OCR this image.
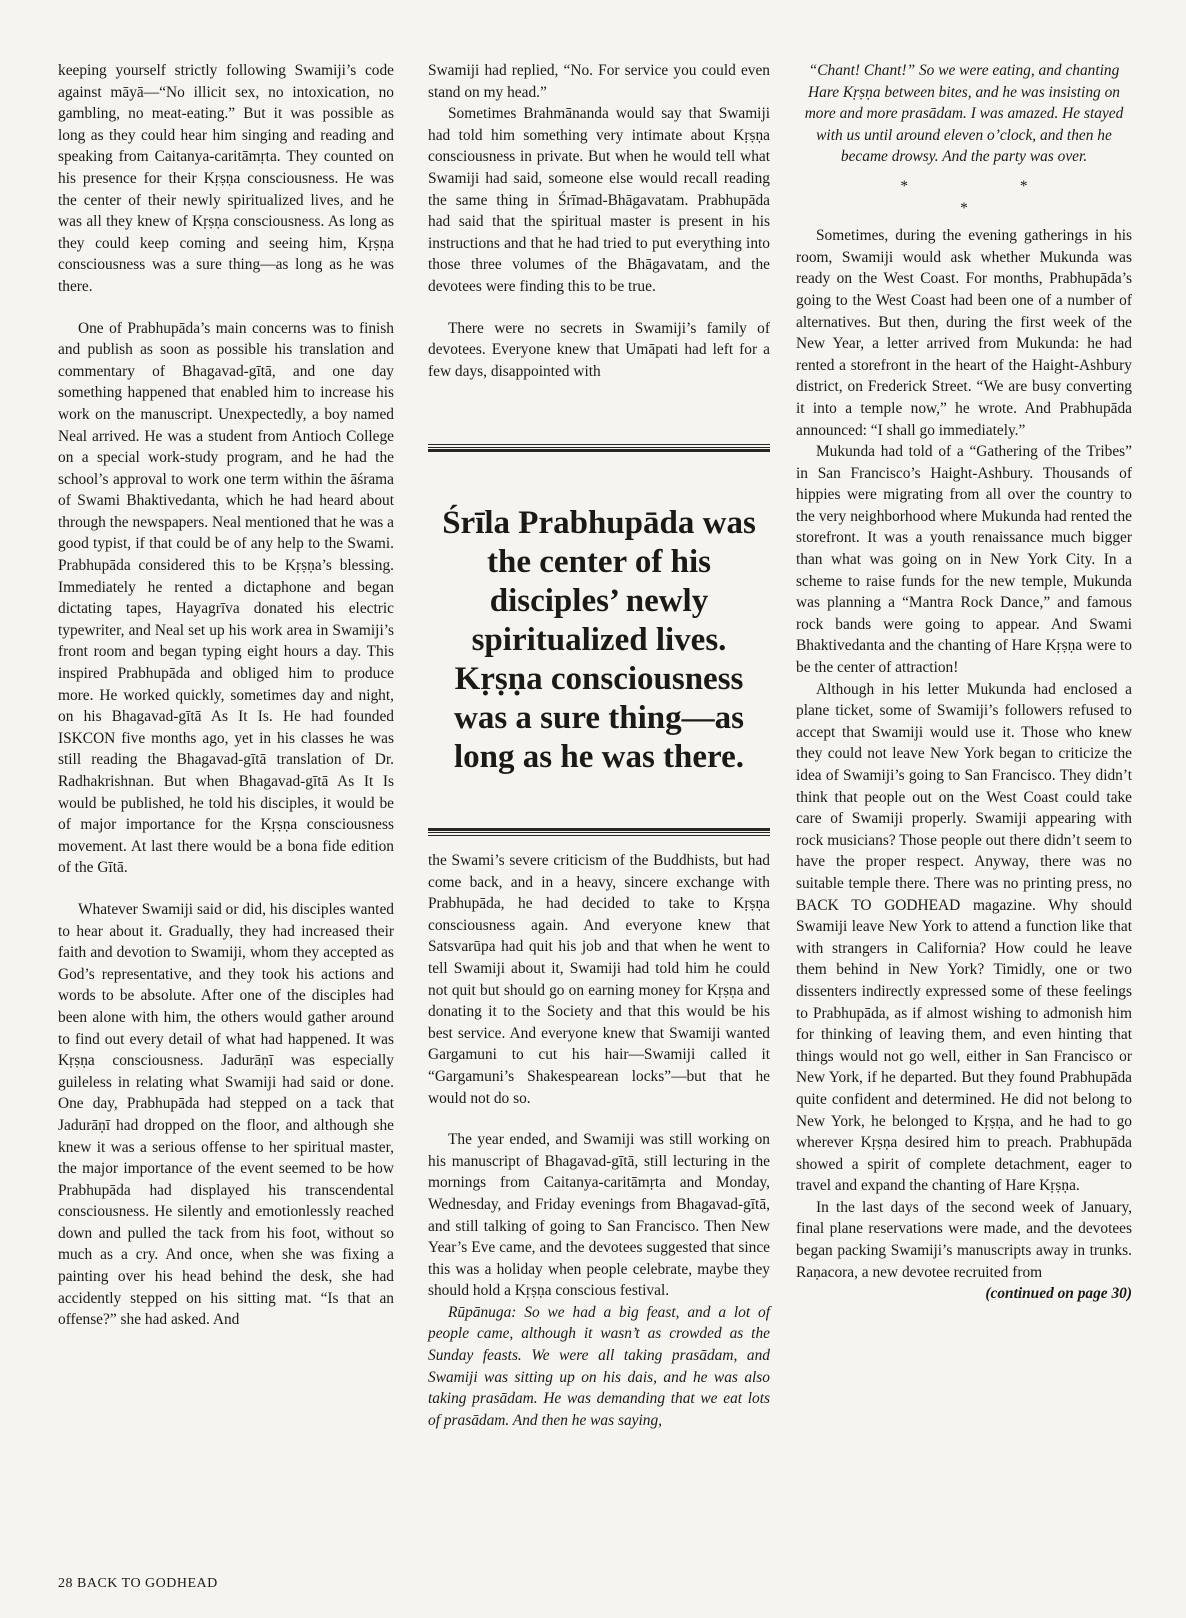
keeping yourself strictly following Swamiji’s code against māyā—“No illicit sex, no intoxication, no gambling, no meat-eating.” But it was possible as long as they could hear him singing and reading and speaking from Caitanya-caritāmṛta. They counted on his presence for their Kṛṣṇa consciousness. He was the center of their newly spiritualized lives, and he was all they knew of Kṛṣṇa consciousness. As long as they could keep coming and seeing him, Kṛṣṇa consciousness was a sure thing—as long as he was there.

One of Prabhupāda’s main concerns was to finish and publish as soon as possible his translation and commentary of Bhagavad-gītā, and one day something happened that enabled him to increase his work on the manuscript. Unexpectedly, a boy named Neal arrived. He was a student from Antioch College on a special work-study program, and he had the school’s approval to work one term within the āśrama of Swami Bhaktivedanta, which he had heard about through the newspapers. Neal mentioned that he was a good typist, if that could be of any help to the Swami. Prabhupāda considered this to be Kṛṣṇa’s blessing. Immediately he rented a dictaphone and began dictating tapes, Hayagrīva donated his electric typewriter, and Neal set up his work area in Swamiji’s front room and began typing eight hours a day. This inspired Prabhupāda and obliged him to produce more. He worked quickly, sometimes day and night, on his Bhagavad-gītā As It Is. He had founded ISKCON five months ago, yet in his classes he was still reading the Bhagavad-gītā translation of Dr. Radhakrishnan. But when Bhagavad-gītā As It Is would be published, he told his disciples, it would be of major importance for the Kṛṣṇa consciousness movement. At last there would be a bona fide edition of the Gītā.

Whatever Swamiji said or did, his disciples wanted to hear about it. Gradually, they had increased their faith and devotion to Swamiji, whom they accepted as God’s representative, and they took his actions and words to be absolute. After one of the disciples had been alone with him, the others would gather around to find out every detail of what had happened. It was Kṛṣṇa consciousness. Jadurāṇī was especially guileless in relating what Swamiji had said or done. One day, Prabhupāda had stepped on a tack that Jadurāṇī had dropped on the floor, and although she knew it was a serious offense to her spiritual master, the major importance of the event seemed to be how Prabhupāda had displayed his transcendental consciousness. He silently and emotionlessly reached down and pulled the tack from his foot, without so much as a cry. And once, when she was fixing a painting over his head behind the desk, she had accidently stepped on his sitting mat. “Is that an offense?” she had asked. And

Swamiji had replied, “No. For service you could even stand on my head.”

Sometimes Brahmānanda would say that Swamiji had told him something very intimate about Kṛṣṇa consciousness in private. But when he would tell what Swamiji had said, someone else would recall reading the same thing in Śrīmad-Bhāgavatam. Prabhupāda had said that the spiritual master is present in his instructions and that he had tried to put everything into those three volumes of the Bhāgavatam, and the devotees were finding this to be true.

There were no secrets in Swamiji’s family of devotees. Everyone knew that Umāpati had left for a few days, disappointed with

Śrīla Prabhupāda was the center of his disciples’ newly spiritualized lives. Kṛṣṇa consciousness was a sure thing—as long as he was there.

the Swami’s severe criticism of the Buddhists, but had come back, and in a heavy, sincere exchange with Prabhupāda, he had decided to take to Kṛṣṇa consciousness again. And everyone knew that Satsvarūpa had quit his job and that when he went to tell Swamiji about it, Swamiji had told him he could not quit but should go on earning money for Kṛṣṇa and donating it to the Society and that this would be his best service. And everyone knew that Swamiji wanted Gargamuni to cut his hair—Swamiji called it “Gargamuni’s Shakespearean locks”—but that he would not do so.

The year ended, and Swamiji was still working on his manuscript of Bhagavad-gītā, still lecturing in the mornings from Caitanya-caritāmṛta and Monday, Wednesday, and Friday evenings from Bhagavad-gītā, and still talking of going to San Francisco. Then New Year’s Eve came, and the devotees suggested that since this was a holiday when people celebrate, maybe they should hold a Kṛṣṇa conscious festival.

Rūpānuga: So we had a big feast, and a lot of people came, although it wasn’t as crowded as the Sunday feasts. We were all taking prasādam, and Swamiji was sitting up on his dais, and he was also taking prasādam. He was demanding that we eat lots of prasādam. And then he was saying,

“Chant! Chant!” So we were eating, and chanting Hare Kṛṣṇa between bites, and he was insisting on more and more prasādam. I was amazed. He stayed with us until around eleven o’clock, and then he became drowsy. And the party was over.

* * *

Sometimes, during the evening gatherings in his room, Swamiji would ask whether Mukunda was ready on the West Coast. For months, Prabhupāda’s going to the West Coast had been one of a number of alternatives. But then, during the first week of the New Year, a letter arrived from Mukunda: he had rented a storefront in the heart of the Haight-Ashbury district, on Frederick Street. “We are busy converting it into a temple now,” he wrote. And Prabhupāda announced: “I shall go immediately.”

Mukunda had told of a “Gathering of the Tribes” in San Francisco’s Haight-Ashbury. Thousands of hippies were migrating from all over the country to the very neighborhood where Mukunda had rented the storefront. It was a youth renaissance much bigger than what was going on in New York City. In a scheme to raise funds for the new temple, Mukunda was planning a “Mantra Rock Dance,” and famous rock bands were going to appear. And Swami Bhaktivedanta and the chanting of Hare Kṛṣṇa were to be the center of attraction!

Although in his letter Mukunda had enclosed a plane ticket, some of Swamiji’s followers refused to accept that Swamiji would use it. Those who knew they could not leave New York began to criticize the idea of Swamiji’s going to San Francisco. They didn’t think that people out on the West Coast could take care of Swamiji properly. Swamiji appearing with rock musicians? Those people out there didn’t seem to have the proper respect. Anyway, there was no suitable temple there. There was no printing press, no BACK TO GODHEAD magazine. Why should Swamiji leave New York to attend a function like that with strangers in California? How could he leave them behind in New York? Timidly, one or two dissenters indirectly expressed some of these feelings to Prabhupāda, as if almost wishing to admonish him for thinking of leaving them, and even hinting that things would not go well, either in San Francisco or New York, if he departed. But they found Prabhupāda quite confident and determined. He did not belong to New York, he belonged to Kṛṣṇa, and he had to go wherever Kṛṣṇa desired him to preach. Prabhupāda showed a spirit of complete detachment, eager to travel and expand the chanting of Hare Kṛṣṇa.

In the last days of the second week of January, final plane reservations were made, and the devotees began packing Swamiji’s manuscripts away in trunks. Raṇacora, a new devotee recruited from

(continued on page 30)

28 BACK TO GODHEAD
